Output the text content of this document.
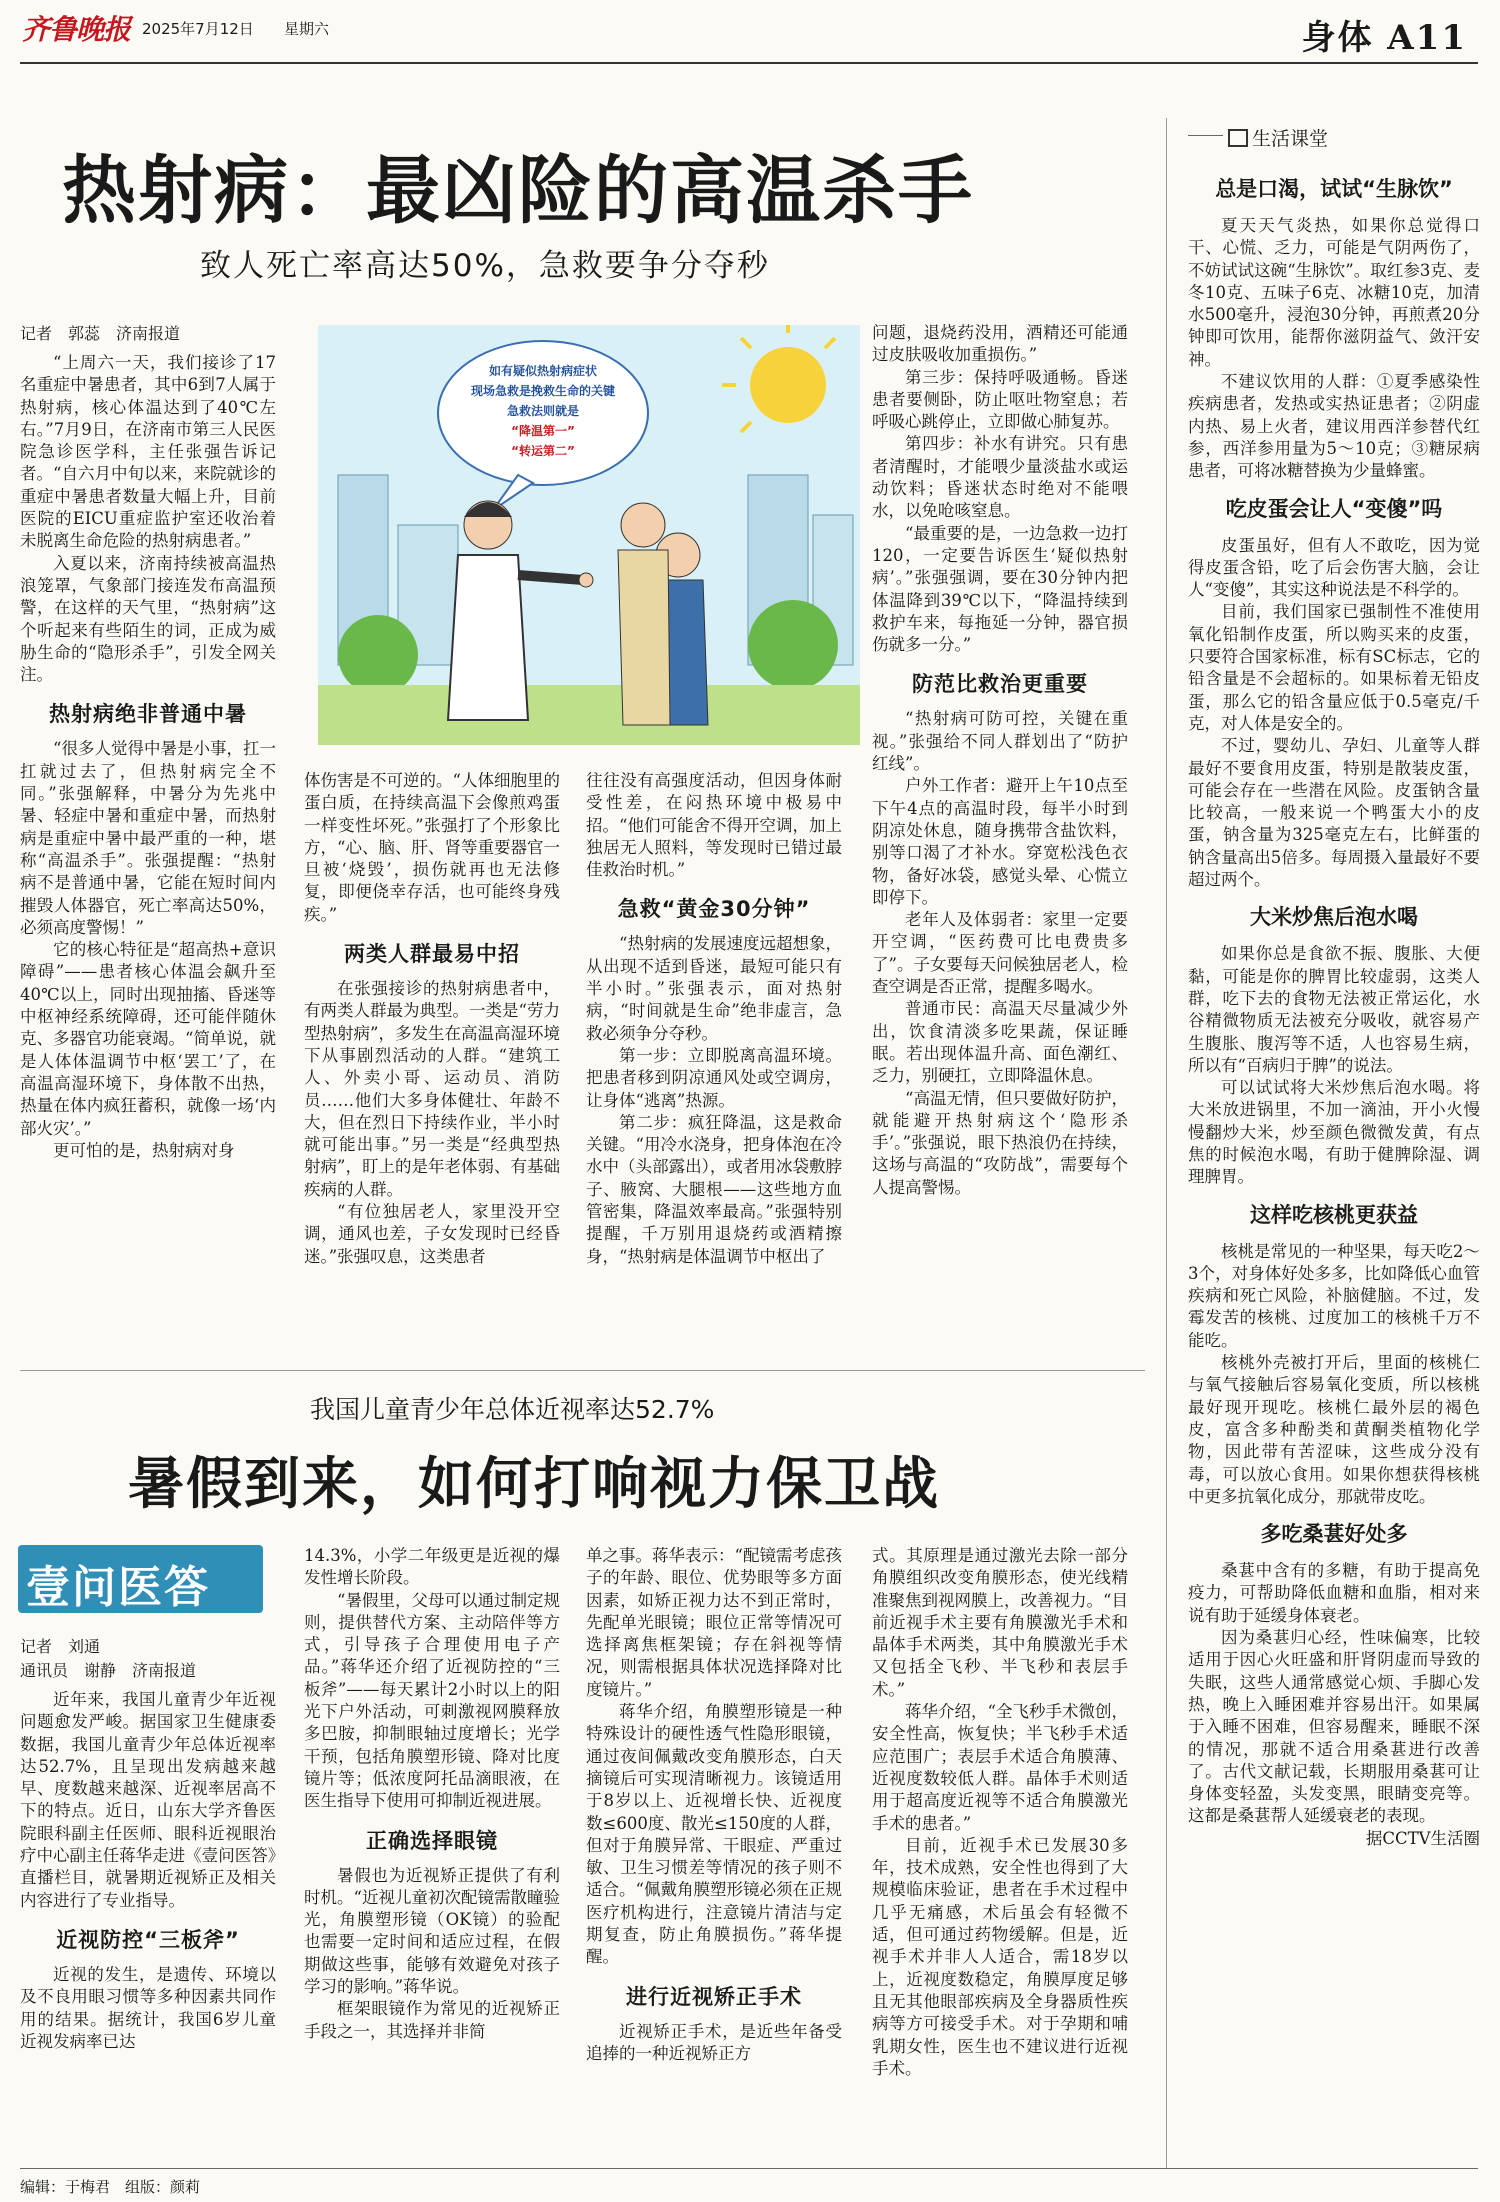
齐鲁晚报 2025年7月12日 星期六	身体 A11
热射病：最凶险的高温杀手
致人死亡率高达50%，急救要争分夺秒
记者　郭蕊　济南报道

“上周六一天，我们接诊了17名重症中暑患者，其中6到7人属于热射病，核心体温达到了40℃左右。”7月9日，在济南市第三人民医院急诊医学科，主任张强告诉记者。“自六月中旬以来，来院就诊的重症中暑患者数量大幅上升，目前医院的EICU重症监护室还收治着未脱离生命危险的热射病患者。”

入夏以来，济南持续被高温热浪笼罩，气象部门接连发布高温预警，在这样的天气里，“热射病”这个听起来有些陌生的词，正成为威胁生命的“隐形杀手”，引发全网关注。

热射病绝非普通中暑

“很多人觉得中暑是小事，扛一扛就过去了，但热射病完全不同。”张强解释，中暑分为先兆中暑、轻症中暑和重症中暑，而热射病是重症中暑中最严重的一种，堪称“高温杀手”。张强提醒：“热射病不是普通中暑，它能在短时间内摧毁人体器官，死亡率高达50%，必须高度警惕！”

它的核心特征是“超高热+意识障碍”——患者核心体温会飙升至40℃以上，同时出现抽搐、昏迷等中枢神经系统障碍，还可能伴随休克、多器官功能衰竭。“简单说，就是人体体温调节中枢‘罢工’了，在高温高湿环境下，身体散不出热，热量在体内疯狂蓄积，就像一场‘内部火灾’。”

更可怕的是，热射病对身

如有疑似热射病症状
现场急救是挽救生命的关键
急救法则就是
“降温第一”
“转运第二”

体伤害是不可逆的。“人体细胞里的蛋白质，在持续高温下会像煎鸡蛋一样变性坏死。”张强打了个形象比方，“心、脑、肝、肾等重要器官一旦被‘烧毁’，损伤就再也无法修复，即便侥幸存活，也可能终身残疾。”

两类人群最易中招

在张强接诊的热射病患者中，有两类人群最为典型。一类是“劳力型热射病”，多发生在高温高湿环境下从事剧烈活动的人群。“建筑工人、外卖小哥、运动员、消防员……他们大多身体健壮、年龄不大，但在烈日下持续作业，半小时就可能出事。”另一类是“经典型热射病”，盯上的是年老体弱、有基础疾病的人群。

“有位独居老人，家里没开空调，通风也差，子女发现时已经昏迷。”张强叹息，这类患者

往往没有高强度活动，但因身体耐受性差，在闷热环境中极易中招。“他们可能舍不得开空调，加上独居无人照料，等发现时已错过最佳救治时机。”

急救“黄金30分钟”

“热射病的发展速度远超想象，从出现不适到昏迷，最短可能只有半小时。”张强表示，面对热射病，“时间就是生命”绝非虚言，急救必须争分夺秒。

第一步：立即脱离高温环境。把患者移到阴凉通风处或空调房，让身体“逃离”热源。

第二步：疯狂降温，这是救命关键。“用冷水浇身，把身体泡在冷水中（头部露出），或者用冰袋敷脖子、腋窝、大腿根——这些地方血管密集，降温效率最高。”张强特别提醒，千万别用退烧药或酒精擦身，“热射病是体温调节中枢出了

问题，退烧药没用，酒精还可能通过皮肤吸收加重损伤。”

第三步：保持呼吸通畅。昏迷患者要侧卧，防止呕吐物窒息；若呼吸心跳停止，立即做心肺复苏。

第四步：补水有讲究。只有患者清醒时，才能喂少量淡盐水或运动饮料；昏迷状态时绝对不能喂水，以免呛咳窒息。

“最重要的是，一边急救一边打120，一定要告诉医生‘疑似热射病’。”张强强调，要在30分钟内把体温降到39℃以下，“降温持续到救护车来，每拖延一分钟，器官损伤就多一分。”

防范比救治更重要

“热射病可防可控，关键在重视。”张强给不同人群划出了“防护红线”。

户外工作者：避开上午10点至下午4点的高温时段，每半小时到阴凉处休息，随身携带含盐饮料，别等口渴了才补水。穿宽松浅色衣物，备好冰袋，感觉头晕、心慌立即停下。

老年人及体弱者：家里一定要开空调，“医药费可比电费贵多了”。子女要每天问候独居老人，检查空调是否正常，提醒多喝水。

普通市民：高温天尽量减少外出，饮食清淡多吃果蔬，保证睡眠。若出现体温升高、面色潮红、乏力，别硬扛，立即降温休息。

“高温无情，但只要做好防护，就能避开热射病这个‘隐形杀手’。”张强说，眼下热浪仍在持续，这场与高温的“攻防战”，需要每个人提高警惕。

我国儿童青少年总体近视率达52.7%
暑假到来，如何打响视力保卫战
壹问医答
记者　刘通
通讯员　谢静　济南报道

近年来，我国儿童青少年近视问题愈发严峻。据国家卫生健康委数据，我国儿童青少年总体近视率达52.7%，且呈现出发病越来越早、度数越来越深、近视率居高不下的特点。近日，山东大学齐鲁医院眼科副主任医师、眼科近视眼治疗中心副主任蒋华走进《壹问医答》直播栏目，就暑期近视矫正及相关内容进行了专业指导。

近视防控“三板斧”

近视的发生，是遗传、环境以及不良用眼习惯等多种因素共同作用的结果。据统计，我国6岁儿童近视发病率已达

14.3%，小学二年级更是近视的爆发性增长阶段。

“暑假里，父母可以通过制定规则，提供替代方案、主动陪伴等方式，引导孩子合理使用电子产品。”蒋华还介绍了近视防控的“三板斧”——每天累计2小时以上的阳光下户外活动，可刺激视网膜释放多巴胺，抑制眼轴过度增长；光学干预，包括角膜塑形镜、降对比度镜片等；低浓度阿托品滴眼液，在医生指导下使用可抑制近视进展。

正确选择眼镜

暑假也为近视矫正提供了有利时机。“近视儿童初次配镜需散瞳验光，角膜塑形镜（OK镜）的验配也需要一定时间和适应过程，在假期做这些事，能够有效避免对孩子学习的影响。”蒋华说。

框架眼镜作为常见的近视矫正手段之一，其选择并非简

单之事。蒋华表示：“配镜需考虑孩子的年龄、眼位、优势眼等多方面因素，如矫正视力达不到正常时，先配单光眼镜；眼位正常等情况可选择离焦框架镜；存在斜视等情况，则需根据具体状况选择降对比度镜片。”

蒋华介绍，角膜塑形镜是一种特殊设计的硬性透气性隐形眼镜，通过夜间佩戴改变角膜形态，白天摘镜后可实现清晰视力。该镜适用于8岁以上、近视增长快、近视度数≤600度、散光≤150度的人群，但对于角膜异常、干眼症、严重过敏、卫生习惯差等情况的孩子则不适合。“佩戴角膜塑形镜必须在正规医疗机构进行，注意镜片清洁与定期复查，防止角膜损伤。”蒋华提醒。

进行近视矫正手术

近视矫正手术，是近些年备受追捧的一种近视矫正方

式。其原理是通过激光去除一部分角膜组织改变角膜形态，使光线精准聚焦到视网膜上，改善视力。“目前近视手术主要有角膜激光手术和晶体手术两类，其中角膜激光手术又包括全飞秒、半飞秒和表层手术。”

蒋华介绍，“全飞秒手术微创，安全性高，恢复快；半飞秒手术适应范围广；表层手术适合角膜薄、近视度数较低人群。晶体手术则适用于超高度近视等不适合角膜激光手术的患者。”

目前，近视手术已发展30多年，技术成熟，安全性也得到了大规模临床验证，患者在手术过程中几乎无痛感，术后虽会有轻微不适，但可通过药物缓解。但是，近视手术并非人人适合，需18岁以上，近视度数稳定，角膜厚度足够且无其他眼部疾病及全身器质性疾病等方可接受手术。对于孕期和哺乳期女性，医生也不建议进行近视手术。

生活课堂
总是口渴，试试“生脉饮”

夏天天气炎热，如果你总觉得口干、心慌、乏力，可能是气阴两伤了，不妨试试这碗“生脉饮”。取红参3克、麦冬10克、五味子6克、冰糖10克，加清水500毫升，浸泡30分钟，再煎煮20分钟即可饮用，能帮你滋阴益气、敛汗安神。

不建议饮用的人群：①夏季感染性疾病患者，发热或实热证患者；②阴虚内热、易上火者，建议用西洋参替代红参，西洋参用量为5～10克；③糖尿病患者，可将冰糖替换为少量蜂蜜。

吃皮蛋会让人“变傻”吗

皮蛋虽好，但有人不敢吃，因为觉得皮蛋含铅，吃了后会伤害大脑，会让人“变傻”，其实这种说法是不科学的。

目前，我们国家已强制性不准使用氧化铅制作皮蛋，所以购买来的皮蛋，只要符合国家标准，标有SC标志，它的铅含量是不会超标的。如果标着无铅皮蛋，那么它的铅含量应低于0.5毫克/千克，对人体是安全的。

不过，婴幼儿、孕妇、儿童等人群最好不要食用皮蛋，特别是散装皮蛋，可能会存在一些潜在风险。皮蛋钠含量比较高，一般来说一个鸭蛋大小的皮蛋，钠含量为325毫克左右，比鲜蛋的钠含量高出5倍多。每周摄入量最好不要超过两个。

大米炒焦后泡水喝

如果你总是食欲不振、腹胀、大便黏，可能是你的脾胃比较虚弱，这类人群，吃下去的食物无法被正常运化，水谷精微物质无法被充分吸收，就容易产生腹胀、腹泻等不适，人也容易生病，所以有“百病归于脾”的说法。

可以试试将大米炒焦后泡水喝。将大米放进锅里，不加一滴油，开小火慢慢翻炒大米，炒至颜色微微发黄，有点焦的时候泡水喝，有助于健脾除湿、调理脾胃。

这样吃核桃更获益

核桃是常见的一种坚果，每天吃2～3个，对身体好处多多，比如降低心血管疾病和死亡风险，补脑健脑。不过，发霉发苦的核桃、过度加工的核桃千万不能吃。

核桃外壳被打开后，里面的核桃仁与氧气接触后容易氧化变质，所以核桃最好现开现吃。核桃仁最外层的褐色皮，富含多种酚类和黄酮类植物化学物，因此带有苦涩味，这些成分没有毒，可以放心食用。如果你想获得核桃中更多抗氧化成分，那就带皮吃。

多吃桑葚好处多

桑葚中含有的多糖，有助于提高免疫力，可帮助降低血糖和血脂，相对来说有助于延缓身体衰老。

因为桑葚归心经，性味偏寒，比较适用于因心火旺盛和肝肾阴虚而导致的失眠，这些人通常感觉心烦、手脚心发热，晚上入睡困难并容易出汗。如果属于入睡不困难，但容易醒来，睡眠不深的情况，那就不适合用桑葚进行改善了。古代文献记载，长期服用桑葚可让身体变轻盈，头发变黑，眼睛变亮等。这都是桑葚帮人延缓衰老的表现。

据CCTV生活圈

编辑：于梅君　组版：颜莉
